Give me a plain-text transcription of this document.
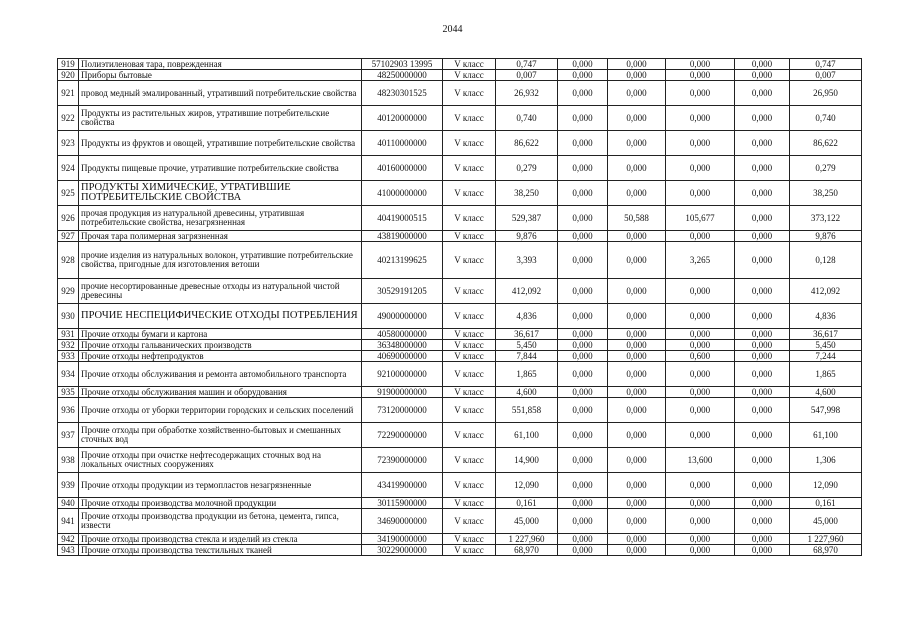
2044
919	Полиэтиленовая тара, поврежденная	57102903 13995	V класс	0,747	0,000	0,000	0,000	0,000	0,747
920	Приборы бытовые	48250000000	V класс	0,007	0,000	0,000	0,000	0,000	0,007
921	провод медный эмалированный, утративший потребительские свойства	48230301525	V класс	26,932	0,000	0,000	0,000	0,000	26,950
922	Продукты из растительных жиров, утратившие потребительские свойства	40120000000	V класс	0,740	0,000	0,000	0,000	0,000	0,740
923	Продукты из фруктов и овощей, утратившие потребительские свойства	40110000000	V класс	86,622	0,000	0,000	0,000	0,000	86,622
924	Продукты пищевые прочие, утратившие потребительские свойства	40160000000	V класс	0,279	0,000	0,000	0,000	0,000	0,279
925	ПРОДУКТЫ ХИМИЧЕСКИЕ, УТРАТИВШИЕ ПОТРЕБИТЕЛЬСКИЕ СВОЙСТВА	41000000000	V класс	38,250	0,000	0,000	0,000	0,000	38,250
926	прочая продукция из натуральной древесины, утратившая потребительские свойства, незагрязненная	40419000515	V класс	529,387	0,000	50,588	105,677	0,000	373,122
927	Прочая тара полимерная загрязненная	43819000000	V класс	9,876	0,000	0,000	0,000	0,000	9,876
928	прочие изделия из натуральных волокон, утратившие потребительские свойства, пригодные для изготовления ветоши	40213199625	V класс	3,393	0,000	0,000	3,265	0,000	0,128
929	прочие несортированные древесные отходы из натуральной чистой древесины	30529191205	V класс	412,092	0,000	0,000	0,000	0,000	412,092
930	ПРОЧИЕ НЕСПЕЦИФИЧЕСКИЕ ОТХОДЫ ПОТРЕБЛЕНИЯ	49000000000	V класс	4,836	0,000	0,000	0,000	0,000	4,836
931	Прочие отходы бумаги и картона	40580000000	V класс	36,617	0,000	0,000	0,000	0,000	36,617
932	Прочие отходы гальванических производств	36348000000	V класс	5,450	0,000	0,000	0,000	0,000	5,450
933	Прочие отходы нефтепродуктов	40690000000	V класс	7,844	0,000	0,000	0,600	0,000	7,244
934	Прочие отходы обслуживания и ремонта автомобильного транспорта	92100000000	V класс	1,865	0,000	0,000	0,000	0,000	1,865
935	Прочие отходы обслуживания машин и оборудования	91900000000	V класс	4,600	0,000	0,000	0,000	0,000	4,600
936	Прочие отходы от уборки территории городских и сельских поселений	73120000000	V класс	551,858	0,000	0,000	0,000	0,000	547,998
937	Прочие отходы при обработке хозяйственно-бытовых и смешанных сточных вод	72290000000	V класс	61,100	0,000	0,000	0,000	0,000	61,100
938	Прочие отходы при очистке нефтесодержащих сточных вод на локальных очистных сооружениях	72390000000	V класс	14,900	0,000	0,000	13,600	0,000	1,306
939	Прочие отходы продукции из термопластов незагрязненные	43419900000	V класс	12,090	0,000	0,000	0,000	0,000	12,090
940	Прочие отходы производства молочной продукции	30115900000	V класс	0,161	0,000	0,000	0,000	0,000	0,161
941	Прочие отходы производства продукции из бетона, цемента, гипса, извести	34690000000	V класс	45,000	0,000	0,000	0,000	0,000	45,000
942	Прочие отходы производства стекла и изделий из стекла	34190000000	V класс	1 227,960	0,000	0,000	0,000	0,000	1 227,960
943	Прочие отходы производства текстильных тканей	30229000000	V класс	68,970	0,000	0,000	0,000	0,000	68,970
